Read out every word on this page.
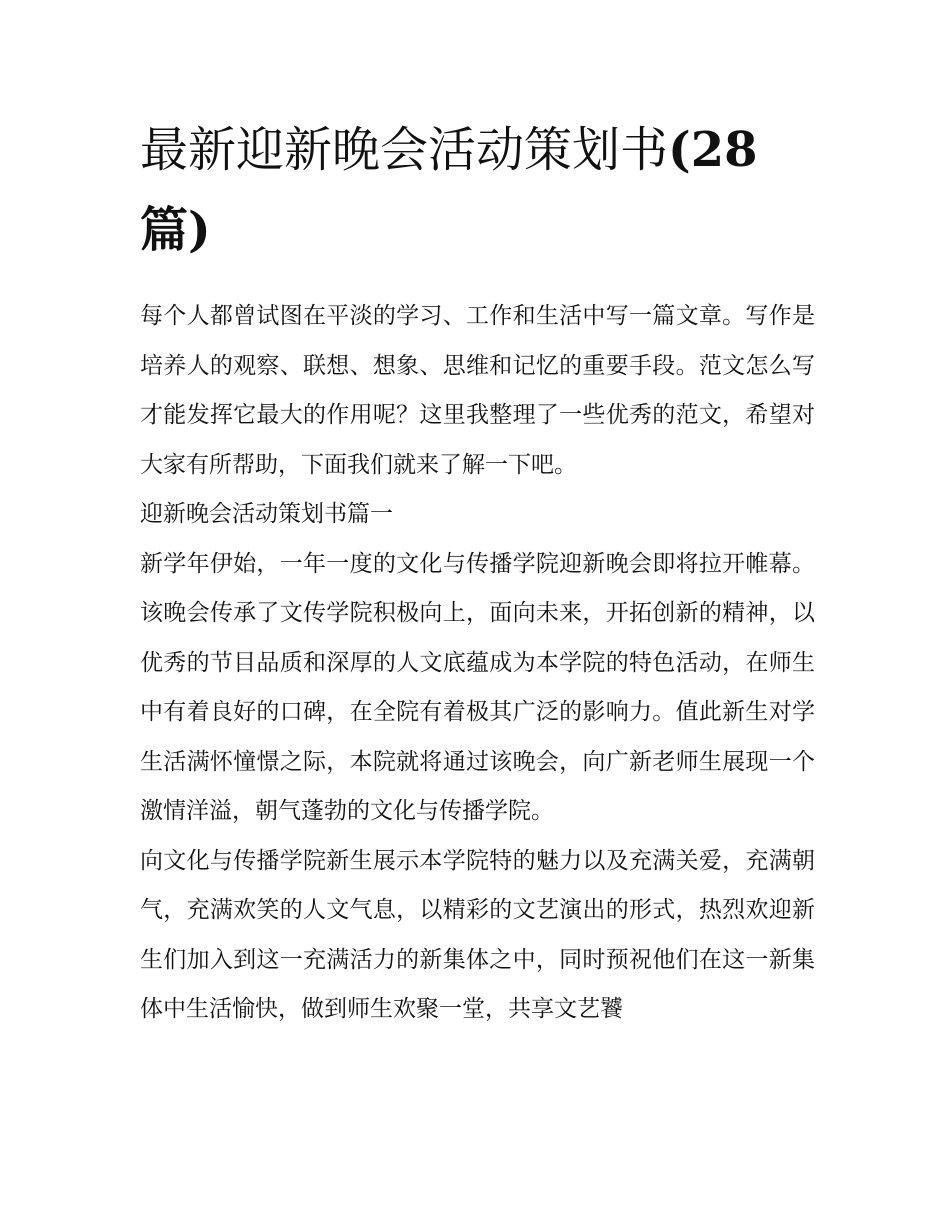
最新迎新晚会活动策划书(28篇)

每个人都曾试图在平淡的学习、工作和生活中写一篇文章。写作是培养人的观察、联想、想象、思维和记忆的重要手段。范文怎么写才能发挥它最大的作用呢？这里我整理了一些优秀的范文，希望对大家有所帮助，下面我们就来了解一下吧。

迎新晚会活动策划书篇一

新学年伊始，一年一度的文化与传播学院迎新晚会即将拉开帷幕。该晚会传承了文传学院积极向上，面向未来，开拓创新的精神，以优秀的节目品质和深厚的人文底蕴成为本学院的特色活动，在师生中有着良好的口碑，在全院有着极其广泛的影响力。值此新生对学生活满怀憧憬之际，本院就将通过该晚会，向广新老师生展现一个激情洋溢，朝气蓬勃的文化与传播学院。

向文化与传播学院新生展示本学院特的魅力以及充满关爱，充满朝气，充满欢笑的人文气息，以精彩的文艺演出的形式，热烈欢迎新生们加入到这一充满活力的新集体之中，同时预祝他们在这一新集体中生活愉快，做到师生欢聚一堂，共享文艺饕
